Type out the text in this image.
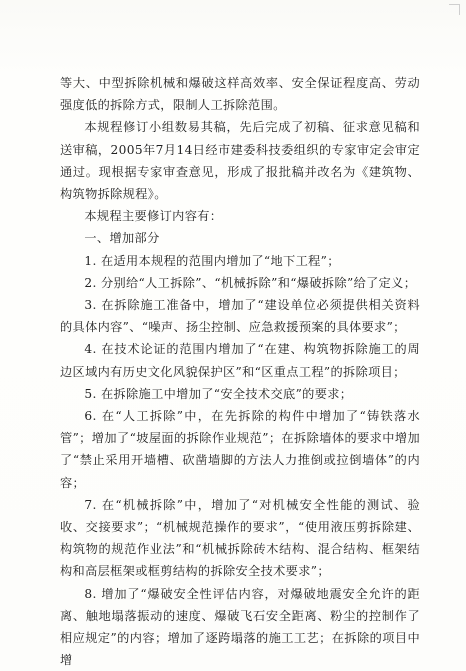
等大、中型拆除机械和爆破这样高效率、安全保证程度高、劳动强度低的拆除方式，限制人工拆除范围。

本规程修订小组数易其稿，先后完成了初稿、征求意见稿和送审稿，2005年7月14日经市建委科技委组织的专家审定会审定通过。现根据专家审查意见，形成了报批稿并改名为《建筑物、构筑物拆除规程》。

本规程主要修订内容有：

一、增加部分

1. 在适用本规程的范围内增加了“地下工程”；

2. 分别给“人工拆除”、“机械拆除”和“爆破拆除”给了定义；

3. 在拆除施工准备中，增加了“建设单位必须提供相关资料的具体内容”、“噪声、扬尘控制、应急救援预案的具体要求”；

4. 在技术论证的范围内增加了“在建、构筑物拆除施工的周边区域内有历史文化风貌保护区”和“区重点工程”的拆除项目；

5. 在拆除施工中增加了“安全技术交底”的要求；

6. 在“人工拆除”中，在先拆除的构件中增加了“铸铁落水管”；增加了“坡屋面的拆除作业规范”；在拆除墙体的要求中增加了“禁止采用开墙槽、砍凿墙脚的方法人力推倒或拉倒墙体”的内容；

7. 在“机械拆除”中，增加了“对机械安全性能的测试、验收、交接要求”；“机械规范操作的要求”，“使用液压剪拆除建、构筑物的规范作业法”和“机械拆除砖木结构、混合结构、框架结构和高层框架或框剪结构的拆除安全技术要求”；

8. 增加了“爆破安全性评估内容，对爆破地震安全允许的距离、触地塌落振动的速度、爆破飞石安全距离、粉尘的控制作了相应规定”的内容；增加了逐跨塌落的施工工艺；在拆除的项目中增
